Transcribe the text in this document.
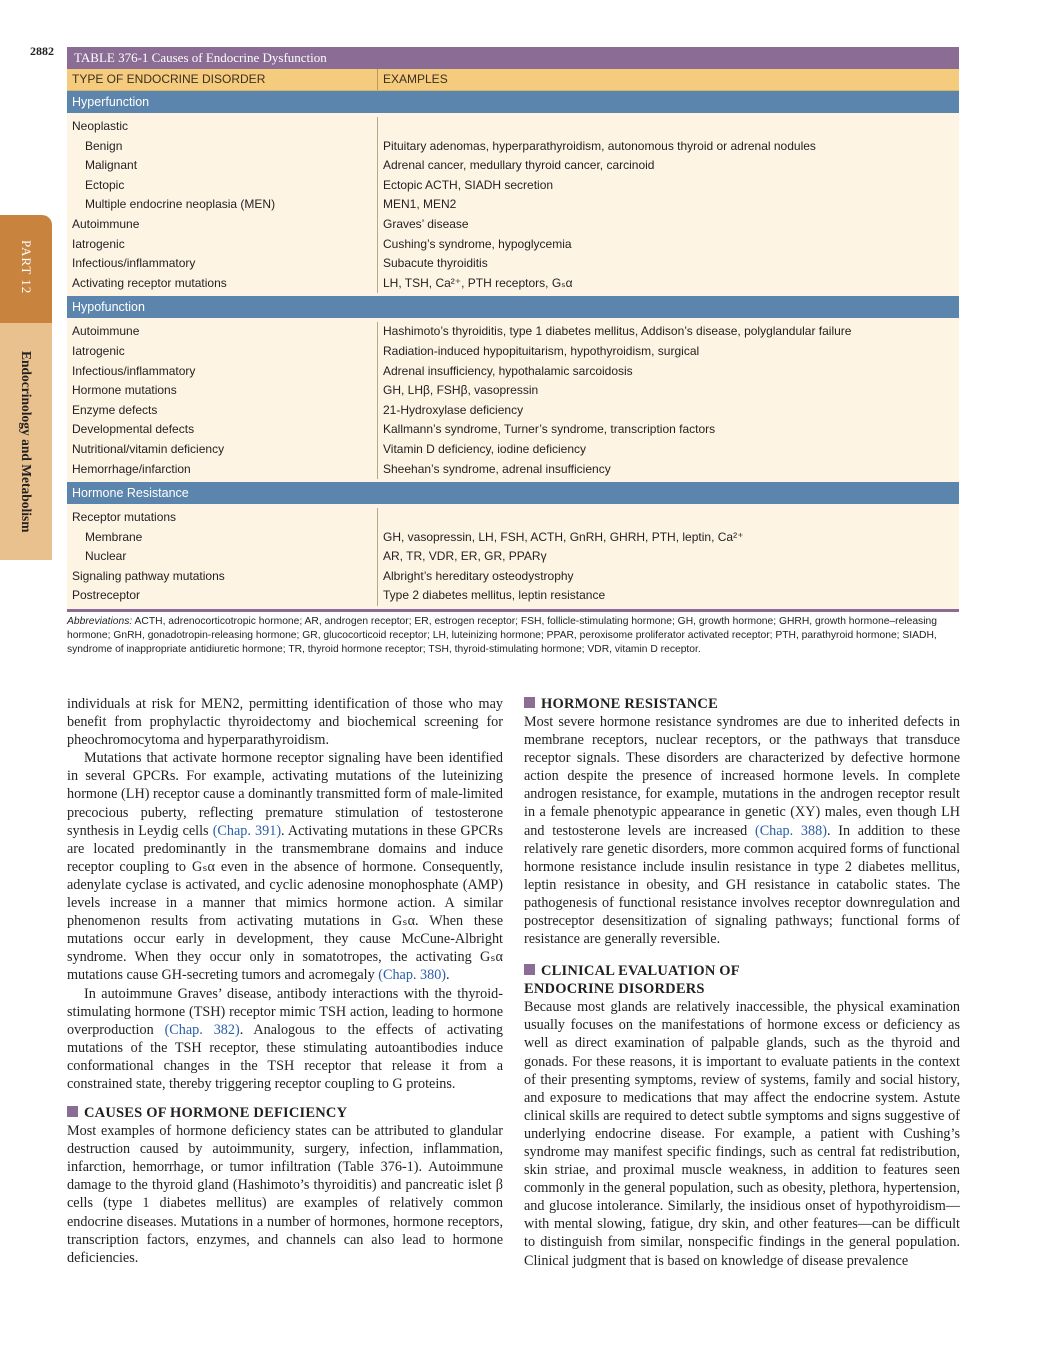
2882
PART 12
Endocrinology and Metabolism
TABLE 376-1 Causes of Endocrine Dysfunction
TYPE OF ENDOCRINE DISORDER	EXAMPLES
Hyperfunction
Neoplastic
Benign
Malignant
Ectopic
Multiple endocrine neoplasia (MEN)
Autoimmune
Iatrogenic
Infectious/inflammatory
Activating receptor mutations
Pituitary adenomas, hyperparathyroidism, autonomous thyroid or adrenal nodules
Adrenal cancer, medullary thyroid cancer, carcinoid
Ectopic ACTH, SIADH secretion
MEN1, MEN2
Graves’ disease
Cushing’s syndrome, hypoglycemia
Subacute thyroiditis
LH, TSH, Ca²⁺, PTH receptors, Gₛα
Hypofunction
Autoimmune
Iatrogenic
Infectious/inflammatory
Hormone mutations
Enzyme defects
Developmental defects
Nutritional/vitamin deficiency
Hemorrhage/infarction
Hashimoto’s thyroiditis, type 1 diabetes mellitus, Addison’s disease, polyglandular failure
Radiation-induced hypopituitarism, hypothyroidism, surgical
Adrenal insufficiency, hypothalamic sarcoidosis
GH, LHβ, FSHβ, vasopressin
21-Hydroxylase deficiency
Kallmann’s syndrome, Turner’s syndrome, transcription factors
Vitamin D deficiency, iodine deficiency
Sheehan’s syndrome, adrenal insufficiency
Hormone Resistance
Receptor mutations
Membrane
Nuclear
Signaling pathway mutations
Postreceptor
GH, vasopressin, LH, FSH, ACTH, GnRH, GHRH, PTH, leptin, Ca²⁺
AR, TR, VDR, ER, GR, PPARγ
Albright’s hereditary osteodystrophy
Type 2 diabetes mellitus, leptin resistance
Abbreviations: ACTH, adrenocorticotropic hormone; AR, androgen receptor; ER, estrogen receptor; FSH, follicle-stimulating hormone; GH, growth hormone; GHRH, growth hormone–releasing hormone; GnRH, gonadotropin-releasing hormone; GR, glucocorticoid receptor; LH, luteinizing hormone; PPAR, peroxisome proliferator activated receptor; PTH, parathyroid hormone; SIADH, syndrome of inappropriate antidiuretic hormone; TR, thyroid hormone receptor; TSH, thyroid-stimulating hormone; VDR, vitamin D receptor.

individuals at risk for MEN2, permitting identification of those who may benefit from prophylactic thyroidectomy and biochemical screening for pheochromocytoma and hyperparathyroidism.

Mutations that activate hormone receptor signaling have been identified in several GPCRs. For example, activating mutations of the luteinizing hormone (LH) receptor cause a dominantly transmitted form of male-limited precocious puberty, reflecting premature stimulation of testosterone synthesis in Leydig cells (Chap. 391). Activating mutations in these GPCRs are located predominantly in the transmembrane domains and induce receptor coupling to Gₛα even in the absence of hormone. Consequently, adenylate cyclase is activated, and cyclic adenosine monophosphate (AMP) levels increase in a manner that mimics hormone action. A similar phenomenon results from activating mutations in Gₛα. When these mutations occur early in development, they cause McCune-Albright syndrome. When they occur only in somatotropes, the activating Gₛα mutations cause GH-secreting tumors and acromegaly (Chap. 380).

In autoimmune Graves’ disease, antibody interactions with the thyroid-stimulating hormone (TSH) receptor mimic TSH action, leading to hormone overproduction (Chap. 382). Analogous to the effects of activating mutations of the TSH receptor, these stimulating autoantibodies induce conformational changes in the TSH receptor that release it from a constrained state, thereby triggering receptor coupling to G proteins.

CAUSES OF HORMONE DEFICIENCY

Most examples of hormone deficiency states can be attributed to glandular destruction caused by autoimmunity, surgery, infection, inflammation, infarction, hemorrhage, or tumor infiltration (Table 376-1). Autoimmune damage to the thyroid gland (Hashimoto’s thyroiditis) and pancreatic islet β cells (type 1 diabetes mellitus) are examples of relatively common endocrine diseases. Mutations in a number of hormones, hormone receptors, transcription factors, enzymes, and channels can also lead to hormone deficiencies.

HORMONE RESISTANCE

Most severe hormone resistance syndromes are due to inherited defects in membrane receptors, nuclear receptors, or the pathways that transduce receptor signals. These disorders are characterized by defective hormone action despite the presence of increased hormone levels. In complete androgen resistance, for example, mutations in the androgen receptor result in a female phenotypic appearance in genetic (XY) males, even though LH and testosterone levels are increased (Chap. 388). In addition to these relatively rare genetic disorders, more common acquired forms of functional hormone resistance include insulin resistance in type 2 diabetes mellitus, leptin resistance in obesity, and GH resistance in catabolic states. The pathogenesis of functional resistance involves receptor downregulation and postreceptor desensitization of signaling pathways; functional forms of resistance are generally reversible.

CLINICAL EVALUATION OF
ENDOCRINE DISORDERS

Because most glands are relatively inaccessible, the physical examination usually focuses on the manifestations of hormone excess or deficiency as well as direct examination of palpable glands, such as the thyroid and gonads. For these reasons, it is important to evaluate patients in the context of their presenting symptoms, review of systems, family and social history, and exposure to medications that may affect the endocrine system. Astute clinical skills are required to detect subtle symptoms and signs suggestive of underlying endocrine disease. For example, a patient with Cushing’s syndrome may manifest specific findings, such as central fat redistribution, skin striae, and proximal muscle weakness, in addition to features seen commonly in the general population, such as obesity, plethora, hypertension, and glucose intolerance. Similarly, the insidious onset of hypothyroidism—with mental slowing, fatigue, dry skin, and other features—can be difficult to distinguish from similar, nonspecific findings in the general population. Clinical judgment that is based on knowledge of disease prevalence
